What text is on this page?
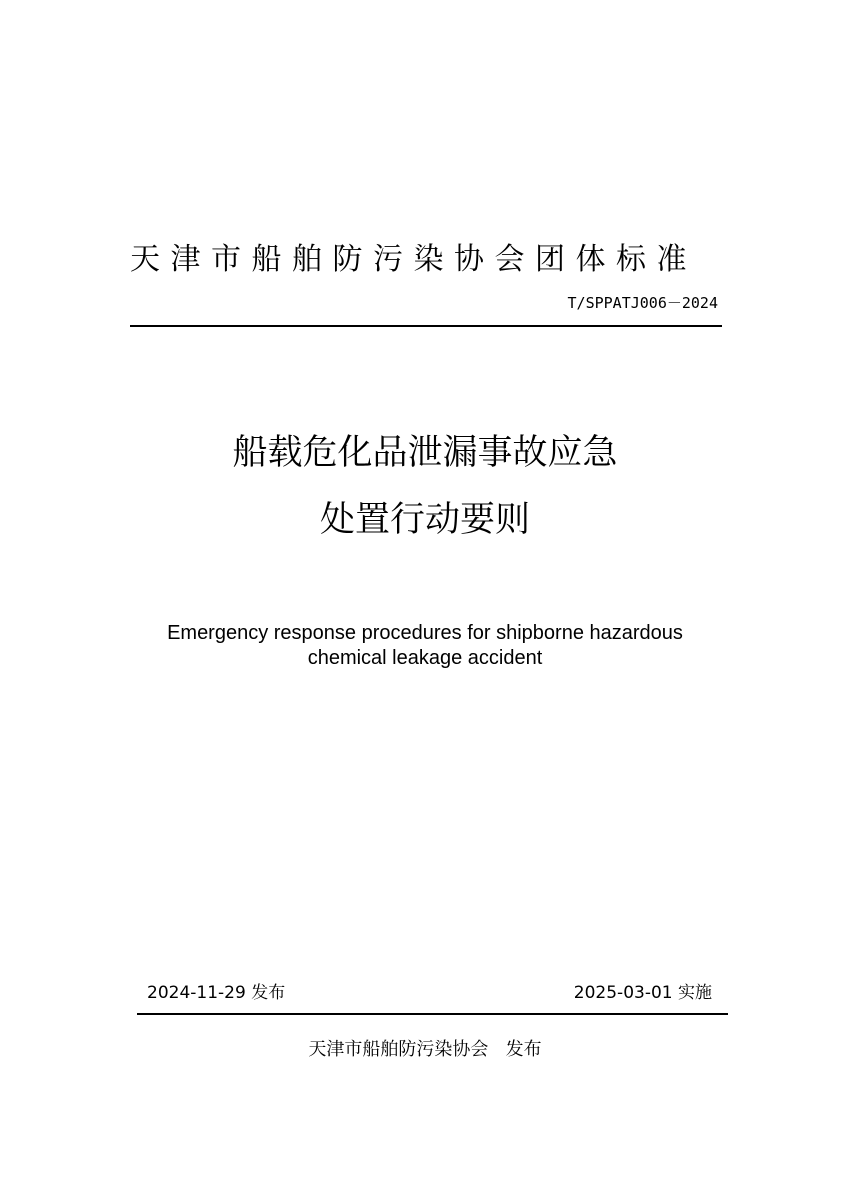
天津市船舶防污染协会团体标准
T/SPPATJ006－2024
船载危化品泄漏事故应急
处置行动要则
Emergency response procedures for shipborne hazardous
chemical leakage accident
2024-11-29 发布	2025-03-01 实施
天津市船舶防污染协会   发布
